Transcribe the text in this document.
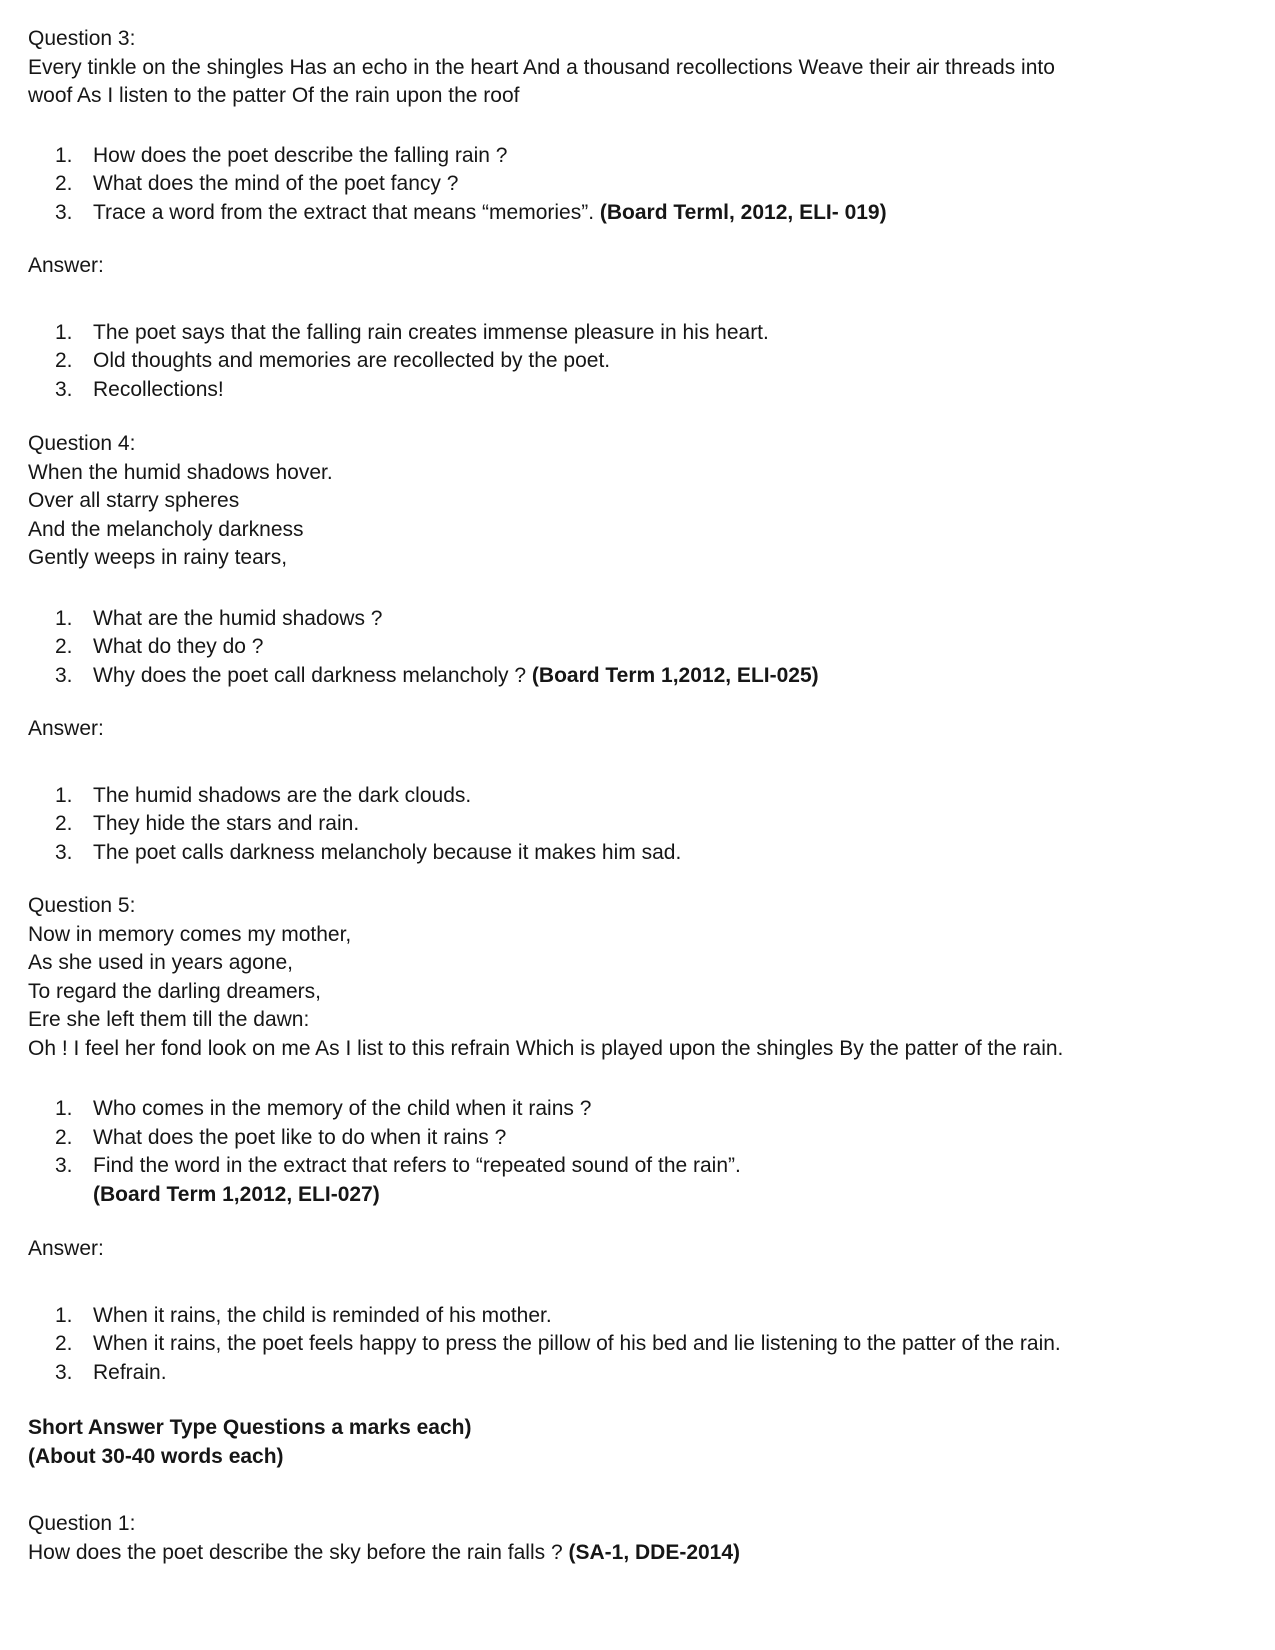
Question 3:
Every tinkle on the shingles Has an echo in the heart And a thousand recollections Weave their air threads into
woof As I listen to the patter Of the rain upon the roof
1. How does the poet describe the falling rain ?
2. What does the mind of the poet fancy ?
3. Trace a word from the extract that means “memories”. (Board Terml, 2012, ELI- 019)
Answer:
1. The poet says that the falling rain creates immense pleasure in his heart.
2. Old thoughts and memories are recollected by the poet.
3. Recollections!
Question 4:
When the humid shadows hover.
Over all starry spheres
And the melancholy darkness
Gently weeps in rainy tears,
1. What are the humid shadows ?
2. What do they do ?
3. Why does the poet call darkness melancholy ? (Board Term 1,2012, ELI-025)
Answer:
1. The humid shadows are the dark clouds.
2. They hide the stars and rain.
3. The poet calls darkness melancholy because it makes him sad.
Question 5:
Now in memory comes my mother,
As she used in years agone,
To regard the darling dreamers,
Ere she left them till the dawn:
Oh ! I feel her fond look on me As I list to this refrain Which is played upon the shingles By the patter of the rain.
1. Who comes in the memory of the child when it rains ?
2. What does the poet like to do when it rains ?
3. Find the word in the extract that refers to “repeated sound of the rain”.
(Board Term 1,2012, ELI-027)
Answer:
1. When it rains, the child is reminded of his mother.
2. When it rains, the poet feels happy to press the pillow of his bed and lie listening to the patter of the rain.
3. Refrain.
Short Answer Type Questions a marks each)
(About 30-40 words each)
Question 1:
How does the poet describe the sky before the rain falls ? (SA-1, DDE-2014)
